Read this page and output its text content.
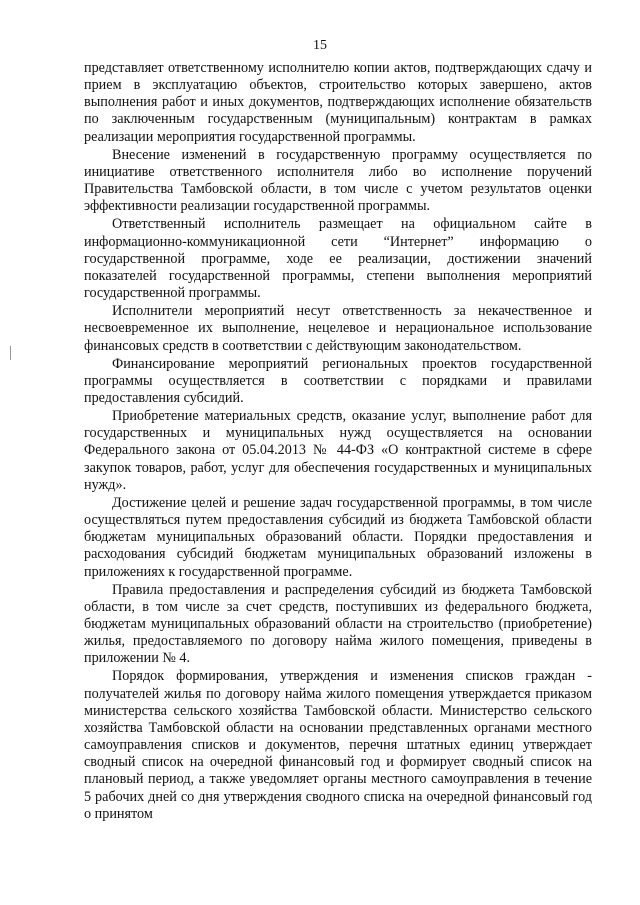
15

представляет ответственному исполнителю копии актов, подтверждающих сдачу и прием в эксплуатацию объектов, строительство которых завершено, актов выполнения работ и иных документов, подтверждающих исполнение обязательств по заключенным государственным (муниципальным) контрактам в рамках реализации мероприятия государственной программы.

Внесение изменений в государственную программу осуществляется по инициативе ответственного исполнителя либо во исполнение поручений Правительства Тамбовской области, в том числе с учетом результатов оценки эффективности реализации государственной программы.

Ответственный исполнитель размещает на официальном сайте в информационно-коммуникационной сети “Интернет” информацию о государственной программе, ходе ее реализации, достижении значений показателей государственной программы, степени выполнения мероприятий государственной программы.

Исполнители мероприятий несут ответственность за некачественное и несвоевременное их выполнение, нецелевое и нерациональное использование финансовых средств в соответствии с действующим законодательством.

Финансирование мероприятий региональных проектов государственной программы осуществляется в соответствии с порядками и правилами предоставления субсидий.

Приобретение материальных средств, оказание услуг, выполнение работ для государственных и муниципальных нужд осуществляется на основании Федерального закона от 05.04.2013 № 44-ФЗ «О контрактной системе в сфере закупок товаров, работ, услуг для обеспечения государственных и муниципальных нужд».

Достижение целей и решение задач государственной программы, в том числе осуществляться путем предоставления субсидий из бюджета Тамбовской области бюджетам муниципальных образований области. Порядки предоставления и расходования субсидий бюджетам муниципальных образований изложены в приложениях к государственной программе.

Правила предоставления и распределения субсидий из бюджета Тамбовской области, в том числе за счет средств, поступивших из федерального бюджета, бюджетам муниципальных образований области на строительство (приобретение) жилья, предоставляемого по договору найма жилого помещения, приведены в приложении № 4.

Порядок формирования, утверждения и изменения списков граждан - получателей жилья по договору найма жилого помещения утверждается приказом министерства сельского хозяйства Тамбовской области. Министерство сельского хозяйства Тамбовской области на основании представленных органами местного самоуправления списков и документов, перечня штатных единиц утверждает сводный список на очередной финансовый год и формирует сводный список на плановый период, а также уведомляет органы местного самоуправления в течение 5 рабочих дней со дня утверждения сводного списка на очередной финансовый год о принятом
